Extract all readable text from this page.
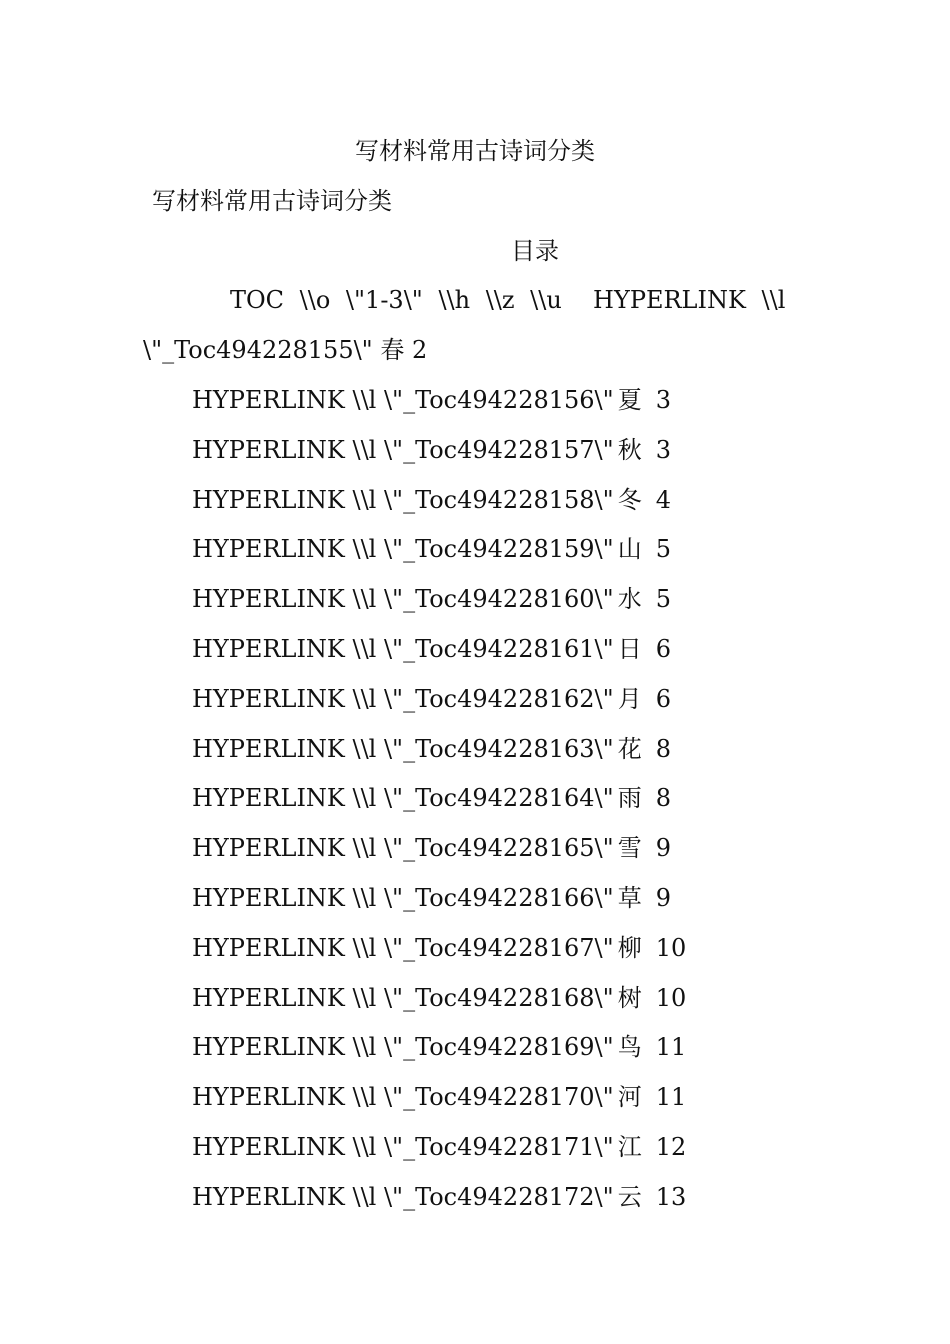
写材料常用古诗词分类
写材料常用古诗词分类
目录
TOC \\o \"1-3\" \\h \\z \\u  HYPERLINK \\l
\"_Toc494228155\" 春 2
HYPERLINK \\l \"_Toc494228156\" 夏 3
HYPERLINK \\l \"_Toc494228157\" 秋 3
HYPERLINK \\l \"_Toc494228158\" 冬 4
HYPERLINK \\l \"_Toc494228159\" 山 5
HYPERLINK \\l \"_Toc494228160\" 水 5
HYPERLINK \\l \"_Toc494228161\" 日 6
HYPERLINK \\l \"_Toc494228162\" 月 6
HYPERLINK \\l \"_Toc494228163\" 花 8
HYPERLINK \\l \"_Toc494228164\" 雨 8
HYPERLINK \\l \"_Toc494228165\" 雪 9
HYPERLINK \\l \"_Toc494228166\" 草 9
HYPERLINK \\l \"_Toc494228167\" 柳 10
HYPERLINK \\l \"_Toc494228168\" 树 10
HYPERLINK \\l \"_Toc494228169\" 鸟 11
HYPERLINK \\l \"_Toc494228170\" 河 11
HYPERLINK \\l \"_Toc494228171\" 江 12
HYPERLINK \\l \"_Toc494228172\" 云 13
